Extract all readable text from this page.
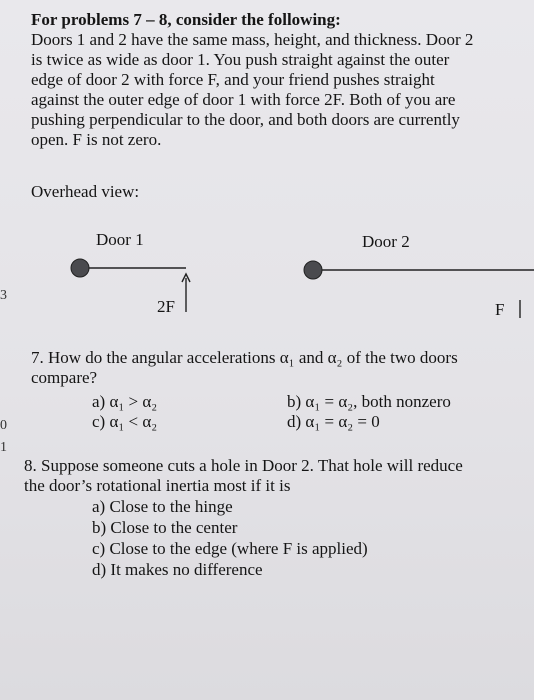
For problems 7 – 8, consider the following:
Doors 1 and 2 have the same mass, height, and thickness. Door 2
is twice as wide as door 1. You push straight against the outer
edge of door 2 with force F, and your friend pushes straight
against the outer edge of door 1 with force 2F. Both of you are
pushing perpendicular to the door, and both doors are currently
open. F is not zero.
Overhead view:
Door 1	Door 2
2F	F
7. How do the angular accelerations α₁ and α₂ of the two doors
compare?
a) α₁ > α₂	b) α₁ = α₂, both nonzero
c) α₁ < α₂	d) α₁ = α₂ = 0
8. Suppose someone cuts a hole in Door 2. That hole will reduce
the door’s rotational inertia most if it is
a) Close to the hinge
b) Close to the center
c) Close to the edge (where F is applied)
d) It makes no difference
3
0
1
